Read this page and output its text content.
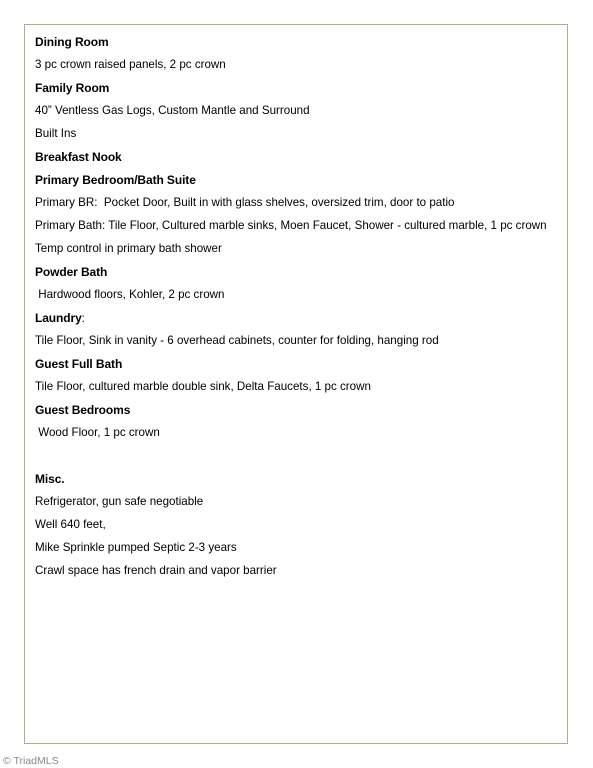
Dining Room
3 pc crown raised panels, 2 pc crown
Family Room
40” Ventless Gas Logs, Custom Mantle and Surround
Built Ins
Breakfast Nook
Primary Bedroom/Bath Suite
Primary BR:  Pocket Door, Built in with glass shelves, oversized trim, door to patio
Primary Bath: Tile Floor, Cultured marble sinks, Moen Faucet, Shower - cultured marble, 1 pc crown
Temp control in primary bath shower
Powder Bath
Hardwood floors, Kohler, 2 pc crown
Laundry:
Tile Floor, Sink in vanity - 6 overhead cabinets, counter for folding, hanging rod
Guest Full Bath
Tile Floor, cultured marble double sink, Delta Faucets, 1 pc crown
Guest Bedrooms
Wood Floor, 1 pc crown
Misc.
Refrigerator, gun safe negotiable
Well 640 feet,
Mike Sprinkle pumped Septic 2-3 years
Crawl space has french drain and vapor barrier
© TriadMLS
